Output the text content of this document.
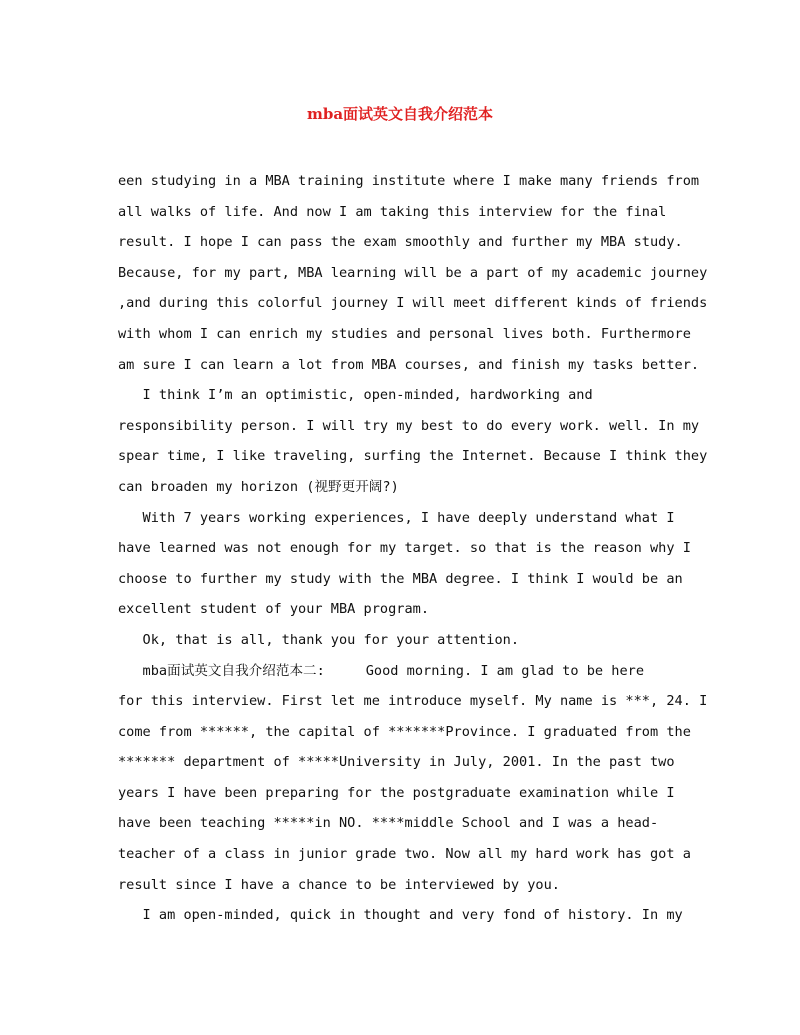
mba面试英文自我介绍范本
een studying in a MBA training institute where I make many friends from
all walks of life. And now I am taking this interview for the final
result. I hope I can pass the exam smoothly and further my MBA study.
Because, for my part, MBA learning will be a part of my academic journey
,and during this colorful journey I will meet different kinds of friends
with whom I can enrich my studies and personal lives both. Furthermore
am sure I can learn a lot from MBA courses, and finish my tasks better.
I think I’m an optimistic, open-minded, hardworking and
responsibility person. I will try my best to do every work. well. In my
spear time, I like traveling, surfing the Internet. Because I think they
can broaden my horizon (视野更开阔?)
With 7 years working experiences, I have deeply understand what I
have learned was not enough for my target. so that is the reason why I
choose to further my study with the MBA degree. I think I would be an
excellent student of your MBA program.
Ok, that is all, thank you for your attention.
mba面试英文自我介绍范本二:     Good morning. I am glad to be here
for this interview. First let me introduce myself. My name is ***, 24. I
come from ******, the capital of *******Province. I graduated from the
******* department of *****University in July, 2001. In the past two
years I have been preparing for the postgraduate examination while I
have been teaching *****in NO. ****middle School and I was a head-
teacher of a class in junior grade two. Now all my hard work has got a
result since I have a chance to be interviewed by you.
I am open-minded, quick in thought and very fond of history. In my
